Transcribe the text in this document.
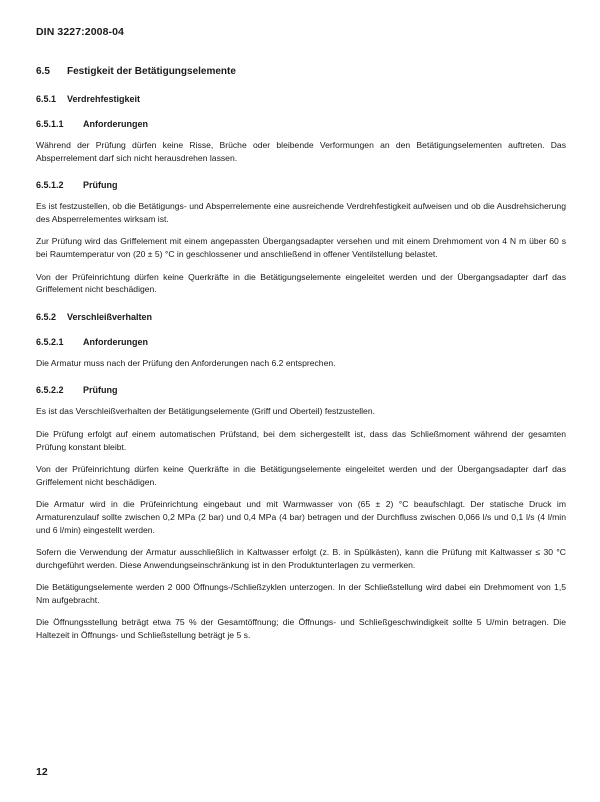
DIN 3227:2008-04
6.5	Festigkeit der Betätigungselemente
6.5.1	Verdrehfestigkeit
6.5.1.1	Anforderungen

Während der Prüfung dürfen keine Risse, Brüche oder bleibende Verformungen an den Betätigungselementen auftreten. Das Absperrelement darf sich nicht herausdrehen lassen.

6.5.1.2	Prüfung

Es ist festzustellen, ob die Betätigungs- und Absperrelemente eine ausreichende Verdrehfestigkeit aufweisen und ob die Ausdrehsicherung des Absperrelementes wirksam ist.

Zur Prüfung wird das Griffelement mit einem angepassten Übergangsadapter versehen und mit einem Drehmoment von 4 N m über 60 s bei Raumtemperatur von (20 ± 5) °C in geschlossener und anschließend in offener Ventilstellung belastet.

Von der Prüfeinrichtung dürfen keine Querkräfte in die Betätigungselemente eingeleitet werden und der Übergangsadapter darf das Griffelement nicht beschädigen.

6.5.2	Verschleißverhalten
6.5.2.1	Anforderungen

Die Armatur muss nach der Prüfung den Anforderungen nach 6.2 entsprechen.

6.5.2.2	Prüfung

Es ist das Verschleißverhalten der Betätigungselemente (Griff und Oberteil) festzustellen.

Die Prüfung erfolgt auf einem automatischen Prüfstand, bei dem sichergestellt ist, dass das Schließmoment während der gesamten Prüfung konstant bleibt.

Von der Prüfeinrichtung dürfen keine Querkräfte in die Betätigungselemente eingeleitet werden und der Übergangsadapter darf das Griffelement nicht beschädigen.

Die Armatur wird in die Prüfeinrichtung eingebaut und mit Warmwasser von (65 ± 2) °C beaufschlagt. Der statische Druck im Armaturenzulauf sollte zwischen 0,2 MPa (2 bar) und 0,4 MPa (4 bar) betragen und der Durchfluss zwischen 0,066 l/s und 0,1 l/s (4 l/min und 6 l/min) eingestellt werden.

Sofern die Verwendung der Armatur ausschließlich in Kaltwasser erfolgt (z. B. in Spülkästen), kann die Prüfung mit Kaltwasser ≤ 30 °C durchgeführt werden. Diese Anwendungseinschränkung ist in den Produktunterlagen zu vermerken.

Die Betätigungselemente werden 2 000 Öffnungs-/Schließzyklen unterzogen. In der Schließstellung wird dabei ein Drehmoment von 1,5 Nm aufgebracht.

Die Öffnungsstellung beträgt etwa 75 % der Gesamtöffnung; die Öffnungs- und Schließgeschwindigkeit sollte 5 U/min betragen. Die Haltezeit in Öffnungs- und Schließstellung beträgt je 5 s.

12
